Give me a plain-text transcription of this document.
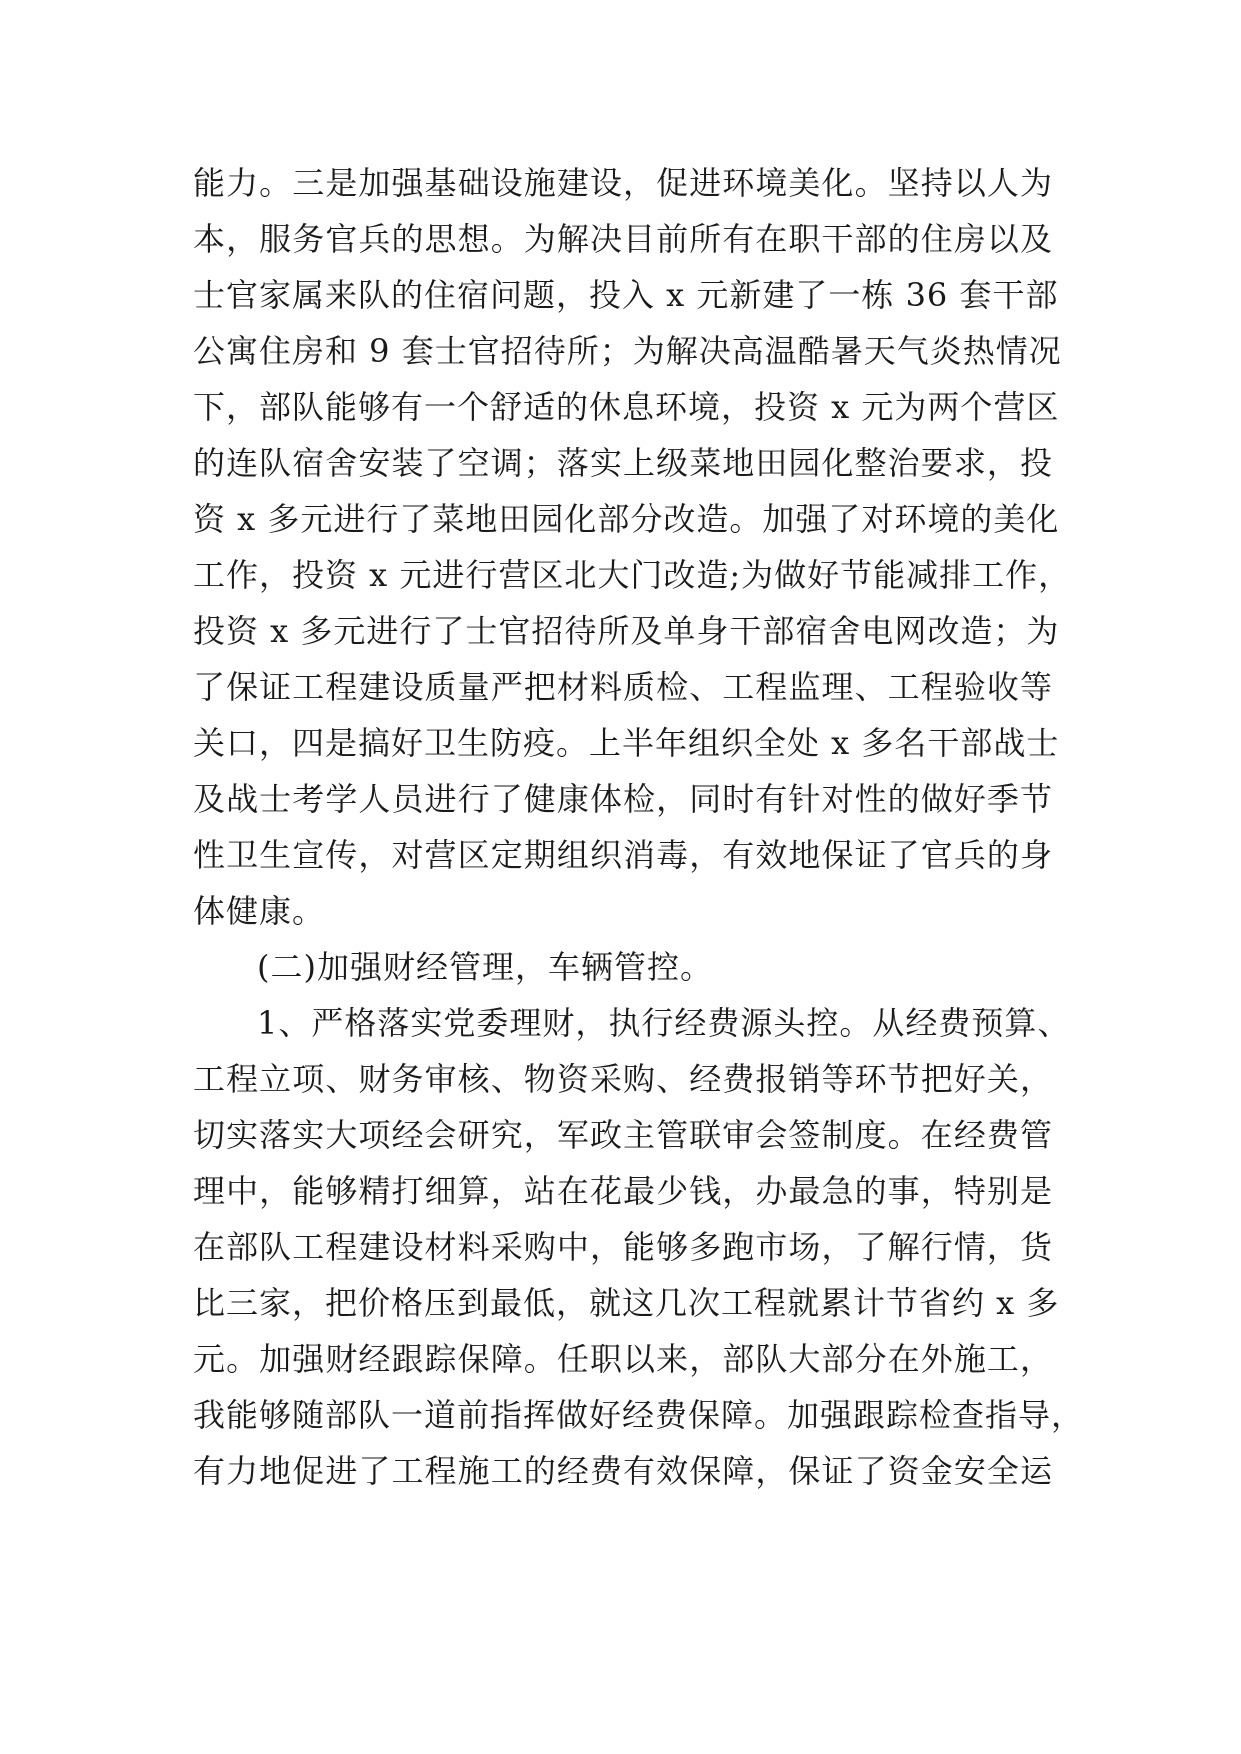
能力。三是加强基础设施建设，促进环境美化。坚持以人为
本，服务官兵的思想。为解决目前所有在职干部的住房以及
士官家属来队的住宿问题，投入 x 元新建了一栋 36 套干部
公寓住房和 9 套士官招待所；为解决高温酷暑天气炎热情况
下，部队能够有一个舒适的休息环境，投资 x 元为两个营区
的连队宿舍安装了空调；落实上级菜地田园化整治要求，投
资 x 多元进行了菜地田园化部分改造。加强了对环境的美化
工作，投资 x 元进行营区北大门改造;为做好节能减排工作，
投资 x 多元进行了士官招待所及单身干部宿舍电网改造；为
了保证工程建设质量严把材料质检、工程监理、工程验收等
关口，四是搞好卫生防疫。上半年组织全处 x 多名干部战士
及战士考学人员进行了健康体检，同时有针对性的做好季节
性卫生宣传，对营区定期组织消毒，有效地保证了官兵的身
体健康。
(二)加强财经管理，车辆管控。
1、严格落实党委理财，执行经费源头控。从经费预算、
工程立项、财务审核、物资采购、经费报销等环节把好关，
切实落实大项经会研究，军政主管联审会签制度。在经费管
理中，能够精打细算，站在花最少钱，办最急的事，特别是
在部队工程建设材料采购中，能够多跑市场，了解行情，货
比三家，把价格压到最低，就这几次工程就累计节省约 x 多
元。加强财经跟踪保障。任职以来，部队大部分在外施工，
我能够随部队一道前指挥做好经费保障。加强跟踪检查指导，
有力地促进了工程施工的经费有效保障，保证了资金安全运
